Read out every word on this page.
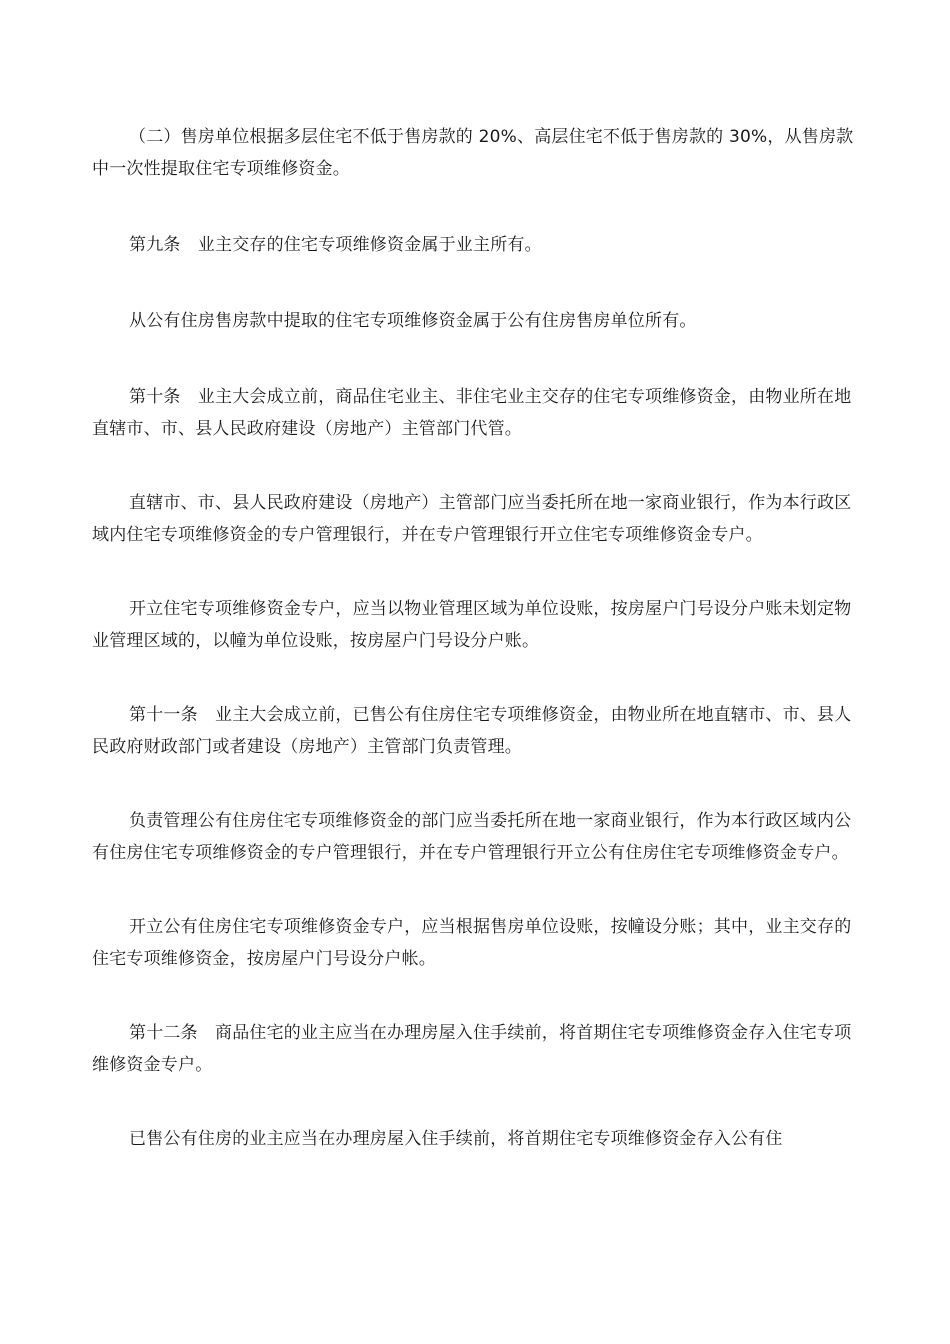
（二）售房单位根据多层住宅不低于售房款的 20%、高层住宅不低于售房款的 30%，从售房款中一次性提取住宅专项维修资金。

第九条　业主交存的住宅专项维修资金属于业主所有。

从公有住房售房款中提取的住宅专项维修资金属于公有住房售房单位所有。

第十条　业主大会成立前，商品住宅业主、非住宅业主交存的住宅专项维修资金，由物业所在地直辖市、市、县人民政府建设（房地产）主管部门代管。

直辖市、市、县人民政府建设（房地产）主管部门应当委托所在地一家商业银行，作为本行政区域内住宅专项维修资金的专户管理银行，并在专户管理银行开立住宅专项维修资金专户。

开立住宅专项维修资金专户，应当以物业管理区域为单位设账，按房屋户门号设分户账未划定物业管理区域的，以幢为单位设账，按房屋户门号设分户账。

第十一条　业主大会成立前，已售公有住房住宅专项维修资金，由物业所在地直辖市、市、县人民政府财政部门或者建设（房地产）主管部门负责管理。

负责管理公有住房住宅专项维修资金的部门应当委托所在地一家商业银行，作为本行政区域内公有住房住宅专项维修资金的专户管理银行，并在专户管理银行开立公有住房住宅专项维修资金专户。

开立公有住房住宅专项维修资金专户，应当根据售房单位设账，按幢设分账；其中，业主交存的住宅专项维修资金，按房屋户门号设分户帐。

第十二条　商品住宅的业主应当在办理房屋入住手续前，将首期住宅专项维修资金存入住宅专项维修资金专户。

已售公有住房的业主应当在办理房屋入住手续前，将首期住宅专项维修资金存入公有住
